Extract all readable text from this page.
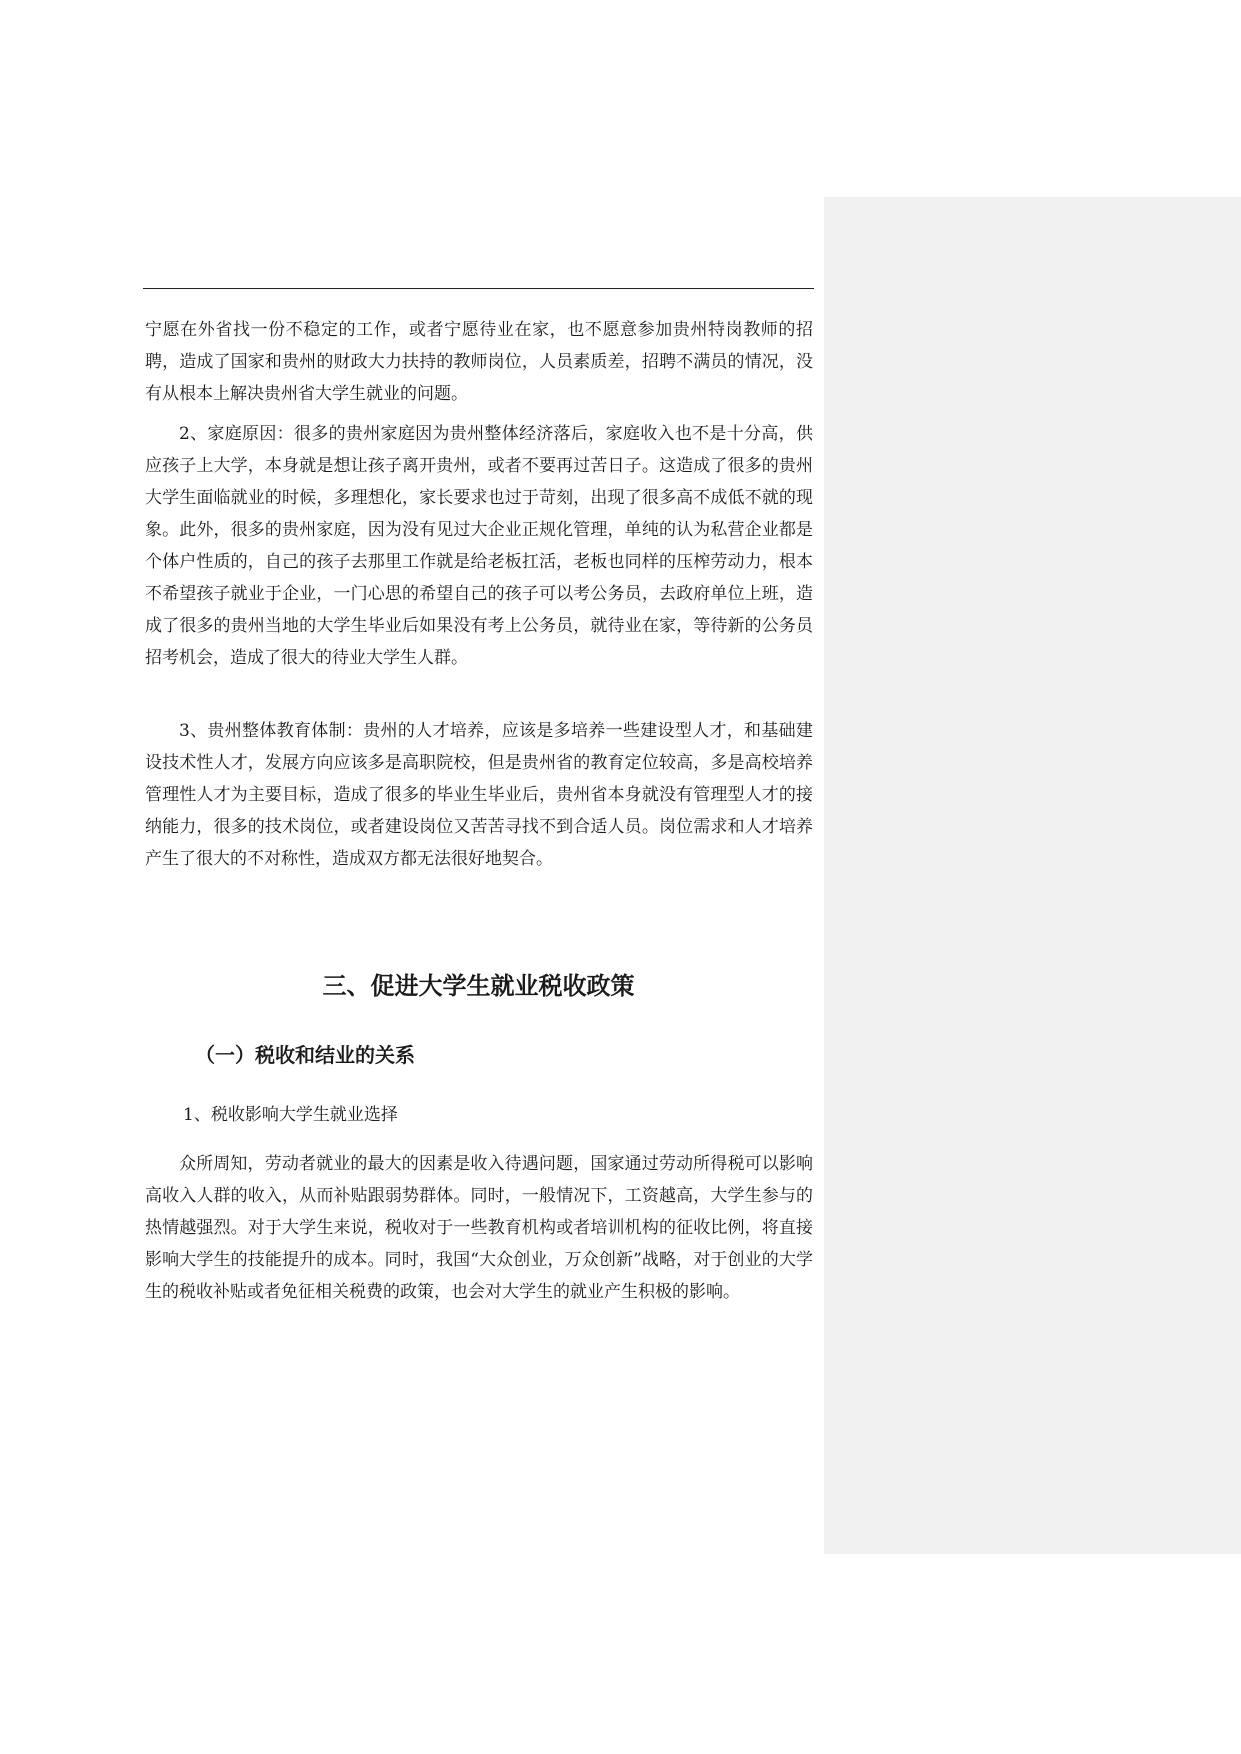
宁愿在外省找一份不稳定的工作，或者宁愿待业在家，也不愿意参加贵州特岗教师的招聘，造成了国家和贵州的财政大力扶持的教师岗位，人员素质差，招聘不满员的情况，没有从根本上解决贵州省大学生就业的问题。

2、家庭原因：很多的贵州家庭因为贵州整体经济落后，家庭收入也不是十分高，供应孩子上大学，本身就是想让孩子离开贵州，或者不要再过苦日子。这造成了很多的贵州大学生面临就业的时候，多理想化，家长要求也过于苛刻，出现了很多高不成低不就的现象。此外，很多的贵州家庭，因为没有见过大企业正规化管理，单纯的认为私营企业都是个体户性质的，自己的孩子去那里工作就是给老板扛活，老板也同样的压榨劳动力，根本不希望孩子就业于企业，一门心思的希望自己的孩子可以考公务员，去政府单位上班，造成了很多的贵州当地的大学生毕业后如果没有考上公务员，就待业在家，等待新的公务员招考机会，造成了很大的待业大学生人群。

3、贵州整体教育体制：贵州的人才培养，应该是多培养一些建设型人才，和基础建设技术性人才，发展方向应该多是高职院校，但是贵州省的教育定位较高，多是高校培养管理性人才为主要目标，造成了很多的毕业生毕业后，贵州省本身就没有管理型人才的接纳能力，很多的技术岗位，或者建设岗位又苦苦寻找不到合适人员。岗位需求和人才培养产生了很大的不对称性，造成双方都无法很好地契合。

三、促进大学生就业税收政策
（一）税收和结业的关系

1、税收影响大学生就业选择

众所周知，劳动者就业的最大的因素是收入待遇问题，国家通过劳动所得税可以影响高收入人群的收入，从而补贴跟弱势群体。同时，一般情况下，工资越高，大学生参与的热情越强烈。对于大学生来说，税收对于一些教育机构或者培训机构的征收比例，将直接影响大学生的技能提升的成本。同时，我国“大众创业，万众创新”战略，对于创业的大学生的税收补贴或者免征相关税费的政策，也会对大学生的就业产生积极的影响。
